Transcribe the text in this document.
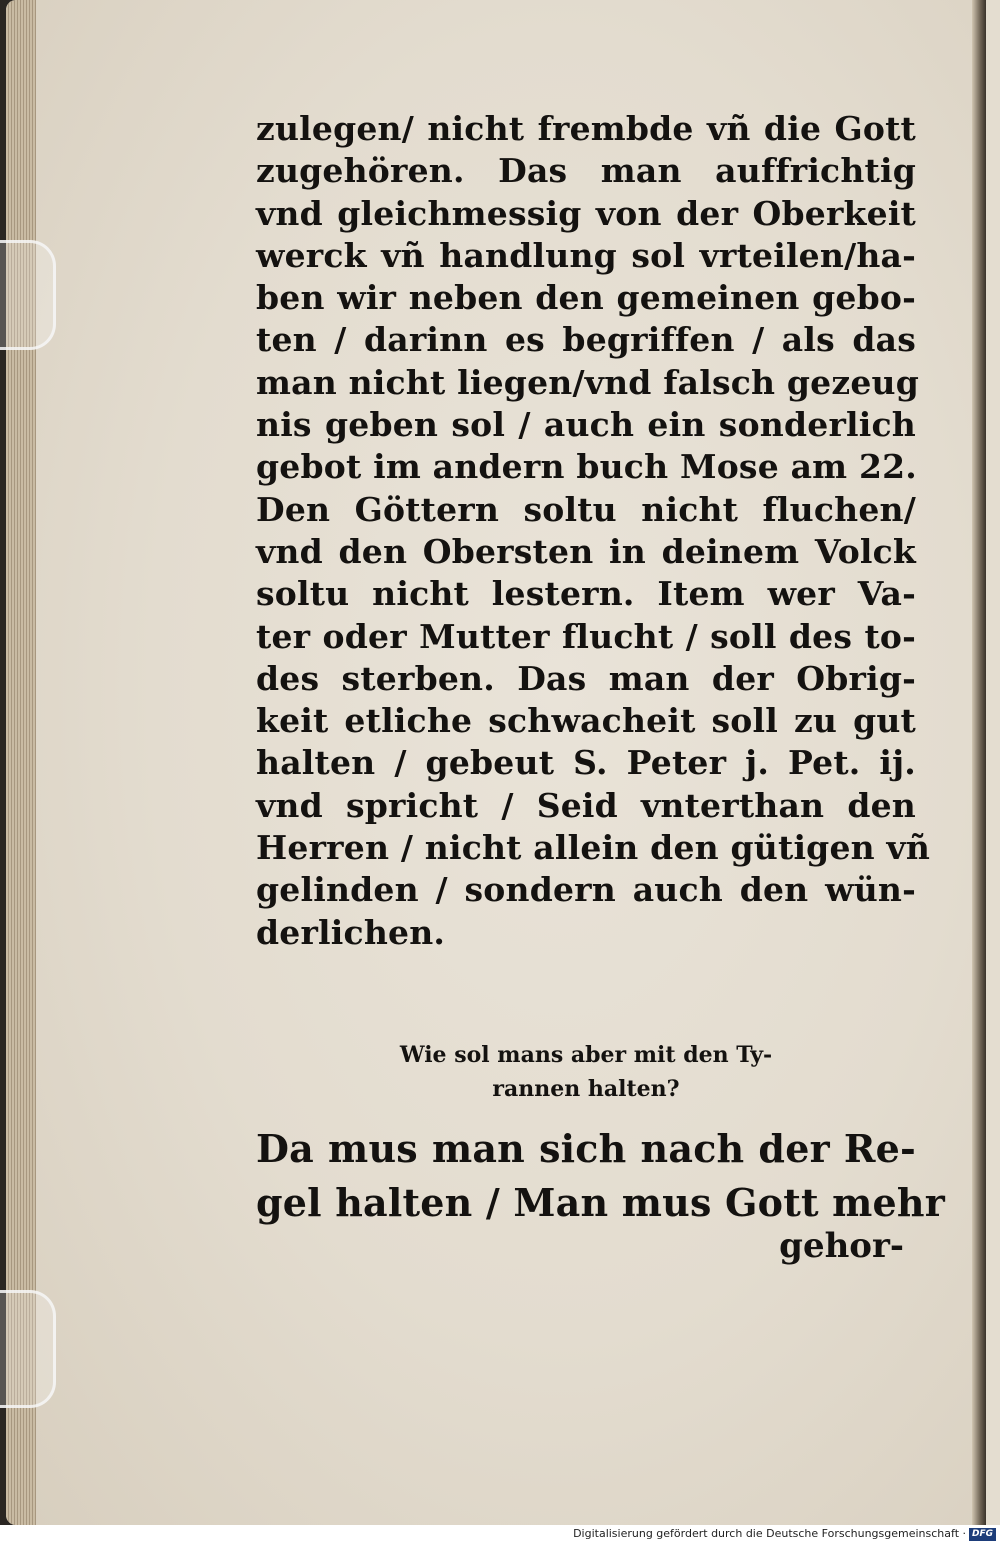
zulegen/ nicht frembde vñ die Gott
zugehören. Das man auffrichtig
vnd gleichmessig von der Oberkeit
werck vñ handlung sol vrteilen/ha-
ben wir neben den gemeinen gebo-
ten / darinn es begriffen / als das
man nicht liegen/vnd falsch gezeug
nis geben sol / auch ein sonderlich
gebot im andern buch Mose am 22.
Den Göttern soltu nicht fluchen/
vnd den Obersten in deinem Volck
soltu nicht lestern. Item wer Va-
ter oder Mutter flucht / soll des to-
des sterben. Das man der Obrig-
keit etliche schwacheit soll zu gut
halten / gebeut S. Peter j. Pet. ij.
vnd spricht / Seid vnterthan den
Herren / nicht allein den gütigen vñ
gelinden / sondern auch den wün-
derlichen.
Wie sol mans aber mit den Ty-
rannen halten?
Da mus man sich nach der Re-
gel halten / Man mus Gott mehr
gehor-
Digitalisierung gefördert durch die Deutsche Forschungsgemeinschaft · DFG
